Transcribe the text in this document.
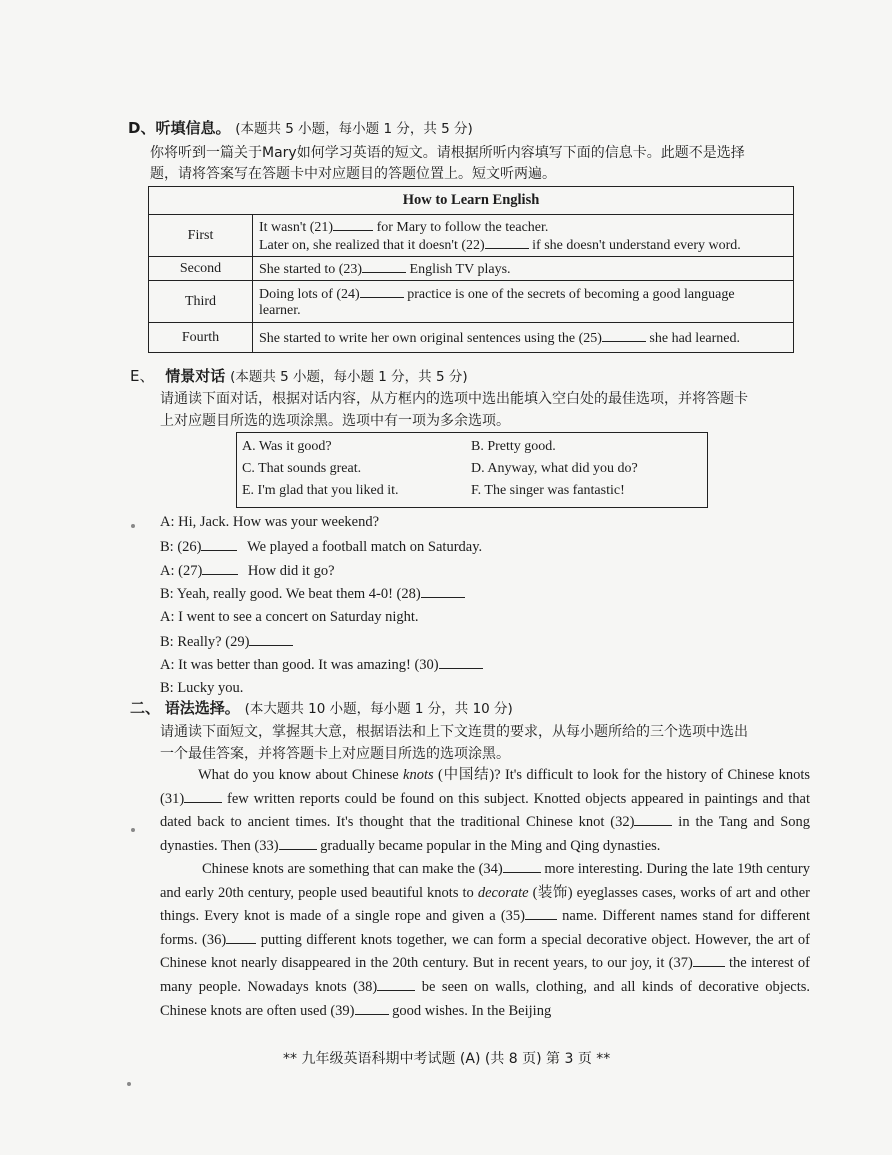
D、听填信息。 (本题共 5 小题，每小题 1 分，共 5 分)
你将听到一篇关于Mary如何学习英语的短文。请根据所听内容填写下面的信息卡。此题不是选择
题，请将答案写在答题卡中对应题目的答题位置上。短文听两遍。
How to Learn English	
First	It wasn't (21) for Mary to follow the teacher.
Later on, she realized that it doesn't (22) if she doesn't understand every word.

Second	She started to (23) English TV plays.
Third	Doing lots of (24) practice is one of the secrets of becoming a good language
learner.

Fourth	She started to write her own original sentences using the (25) she had learned.
E、 情景对话 (本题共 5 小题，每小题 1 分，共 5 分)
请通读下面对话，根据对话内容，从方框内的选项中选出能填入空白处的最佳选项，并将答题卡
上对应题目所选的选项涂黑。选项中有一项为多余选项。
A. Was it good?	B. Pretty good.
C. That sounds great.	D. Anyway, what did you do?
E. I'm glad that you liked it.	F. The singer was fantastic!
A: Hi, Jack. How was your weekend?
B: (26)	We played a football match on Saturday.
A: (27)	How did it go?
B: Yeah, really good. We beat them 4-0! (28)
A: I went to see a concert on Saturday night.
B: Really? (29)
A: It was better than good. It was amazing! (30)
B: Lucky you.
二、 语法选择。 (本大题共 10 小题，每小题 1 分，共 10 分)
请通读下面短文，掌握其大意，根据语法和上下文连贯的要求，从每小题所给的三个选项中选出
一个最佳答案，并将答题卡上对应题目所选的选项涂黑。
What do you know about Chinese knots (中国结)? It's difficult to look for the history of Chinese knots (31)	few written reports could be found on this subject. Knotted objects appeared in paintings and that dated back to ancient times. It's thought that the traditional Chinese knot (32)	in the Tang and Song dynasties. Then (33)	gradually became popular in the Ming and Qing dynasties.
Chinese knots are something that can make the (34)	more interesting. During the late 19th century and early 20th century, people used beautiful knots to decorate (装饰) eyeglasses cases, works of art and other things. Every knot is made of a single rope and given a (35)	name. Different names stand for different forms. (36) putting different knots together, we can form a special decorative object. However, the art of Chinese knot nearly disappeared in the 20th century. But in recent years, to our joy, it (37)	the interest of many people. Nowadays knots (38)	be seen on walls, clothing, and all kinds of decorative objects. Chinese knots are often used (39)	good wishes. In the Beijing
** 九年级英语科期中考试题 (A) (共 8 页) 第 3 页 **
